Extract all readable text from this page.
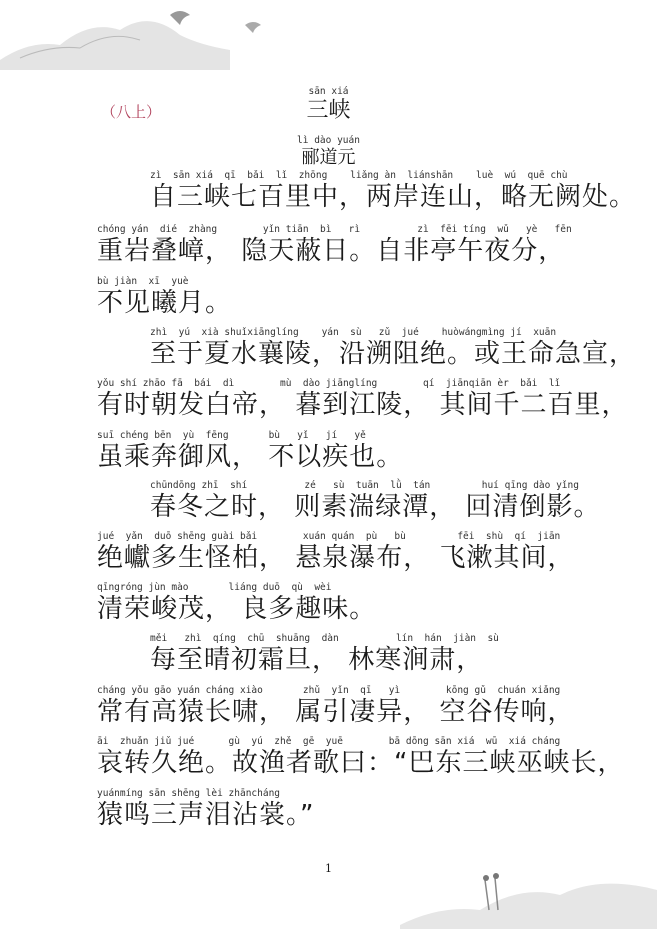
（八上）
sān xiá
三峡
lì dào yuán
郦道元
zì  sān xiá  qī  bǎi  lǐ  zhōng    liǎng àn  liánshān    luè  wú  quē chù
自三峡七百里中，两岸连山，略无阙处。
chóng yán  dié  zhàng        yǐn tiān  bì   rì          zì  fēi tíng  wǔ   yè   fēn
重岩叠嶂， 隐天蔽日。自非亭午夜分，
bù jiàn  xī  yuè
不见曦月。
zhì  yú  xià shuǐxiānglíng    yán  sù   zǔ  jué    huòwángmìng jí  xuān
至于夏水襄陵，沿溯阻绝。或王命急宣，
yǒu shí zhāo fā  bái  dì        mù  dào jiānglíng        qí  jiānqiān èr  bǎi  lǐ
有时朝发白帝， 暮到江陵， 其间千二百里，
suī chéng bēn  yù  fēng       bù   yǐ   jí   yě
虽乘奔御风， 不以疾也。
chūndōng zhī  shí          zé   sù  tuān  lǜ  tán         huí qīng dào yǐng
春冬之时， 则素湍绿潭， 回清倒影。
jué  yǎn  duō shēng guài bǎi        xuán quán  pù   bù         fēi  shù  qí  jiān
绝巘多生怪柏， 悬泉瀑布， 飞漱其间，
qīngróng jùn mào       liáng duō  qù  wèi
清荣峻茂， 良多趣味。
měi   zhì  qíng  chū  shuāng  dàn          lín  hán  jiàn  sù
每至晴初霜旦， 林寒涧肃，
cháng yǒu gāo yuán cháng xiào       zhǔ  yǐn  qī   yì        kōng gǔ  chuán xiǎng
常有高猿长啸， 属引凄异， 空谷传响，
āi  zhuǎn jiǔ jué      gù  yú  zhě  gē  yuē        bā dōng sān xiá  wū  xiá cháng
哀转久绝。故渔者歌曰：“巴东三峡巫峡长，
yuánmíng sān shēng lèi zhāncháng
猿鸣三声泪沾裳。”
1
